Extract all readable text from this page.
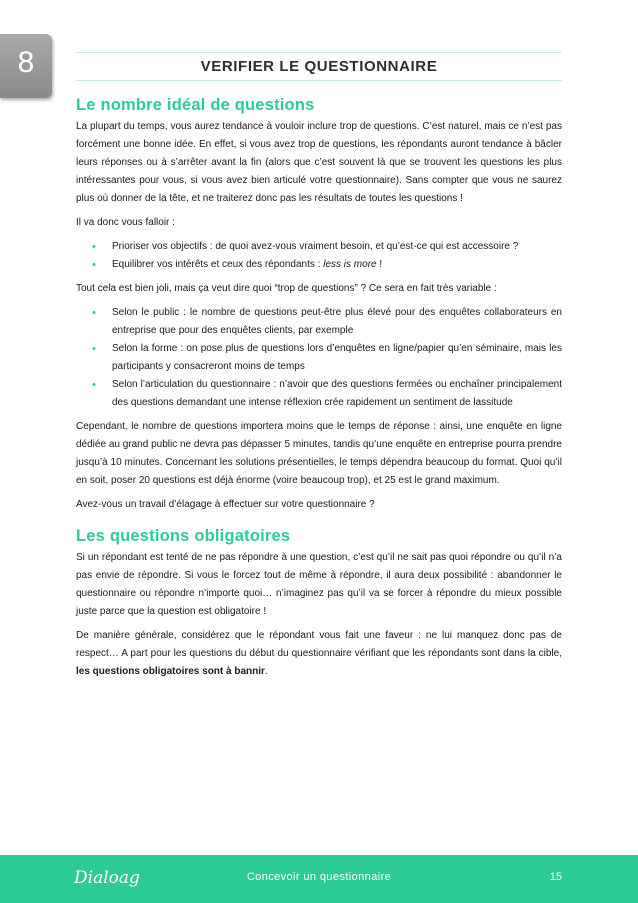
8	VERIFIER LE QUESTIONNAIRE
Le nombre idéal de questions

La plupart du temps, vous aurez tendance à vouloir inclure trop de questions. C’est naturel, mais ce n’est pas forcément une bonne idée. En effet, si vous avez trop de questions, les répondants auront tendance à bâcler leurs réponses ou à s’arrêter avant la fin (alors que c’est souvent là que se trouvent les questions les plus intéressantes pour vous, si vous avez bien articulé votre questionnaire). Sans compter que vous ne saurez plus où donner de la tête, et ne traiterez donc pas les résultats de toutes les questions !

Il va donc vous falloir :

• Prioriser vos objectifs : de quoi avez-vous vraiment besoin, et qu’est-ce qui est accessoire ?
• Equilibrer vos intérêts et ceux des répondants : less is more !

Tout cela est bien joli, mais ça veut dire quoi “trop de questions” ? Ce sera en fait très variable :

• Selon le public : le nombre de questions peut-être plus élevé pour des enquêtes collaborateurs en entreprise que pour des enquêtes clients, par exemple
• Selon la forme : on pose plus de questions lors d’enquêtes en ligne/papier qu’en séminaire, mais les participants y consacreront moins de temps
• Selon l’articulation du questionnaire : n’avoir que des questions fermées ou enchaîner principalement des questions demandant une intense réflexion crée rapidement un sentiment de lassitude

Cependant, le nombre de questions importera moins que le temps de réponse : ainsi, une enquête en ligne dédiée au grand public ne devra pas dépasser 5 minutes, tandis qu’une enquête en entreprise pourra prendre jusqu’à 10 minutes. Concernant les solutions présentielles, le temps dépendra beaucoup du format. Quoi qu’il en soit, poser 20 questions est déjà énorme (voire beaucoup trop), et 25 est le grand maximum.

Avez-vous un travail d’élagage à effectuer sur votre questionnaire ?

Les questions obligatoires

Si un répondant est tenté de ne pas répondre à une question, c’est qu’il ne sait pas quoi répondre ou qu’il n’a pas envie de répondre. Si vous le forcez tout de même à répondre, il aura deux possibilité : abandonner le questionnaire ou répondre n’importe quoi… n’imaginez pas qu’il va se forcer à répondre du mieux possible juste parce que la question est obligatoire !

De manière générale, considérez que le répondant vous fait une faveur : ne lui manquez donc pas de respect… A part pour les questions du début du questionnaire vérifiant que les répondants sont dans la cible, les questions obligatoires sont à bannir.

Dialoag	Concevoir un questionnaire	15
